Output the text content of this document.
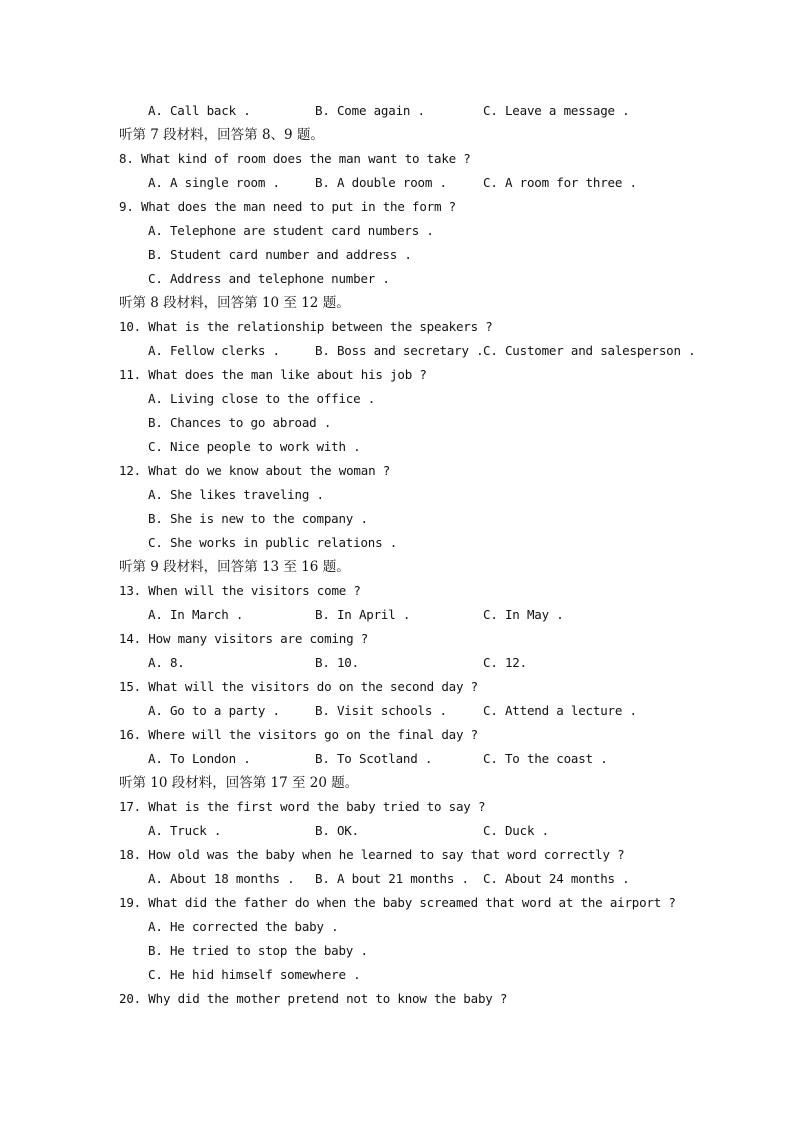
A. Call back .	B. Come again .	C. Leave a message .
听第 7 段材料，回答第 8、9 题。
8. What kind of room does the man want to take ?
A. A single room .	B. A double room .	C. A room for three .
9. What does the man need to put in the form ?
A. Telephone are student card numbers .
B. Student card number and address .
C. Address and telephone number .
听第 8 段材料，回答第 10 至 12 题。
10. What is the relationship between the speakers ?
A. Fellow clerks .	B. Boss and secretary . C. Customer and salesperson .
11. What does the man like about his job ?
A. Living close to the office .
B. Chances to go abroad .
C. Nice people to work with .
12. What do we know about the woman ?
A. She likes traveling .
B. She is new to the company .
C. She works in public relations .
听第 9 段材料，回答第 13 至 16 题。
13. When will the visitors come ?
A. In March .	B. In April .	C. In May .
14. How many visitors are coming ?
A. 8.	B. 10.	C. 12.
15. What will the visitors do on the second day ?
A. Go to a party .	B. Visit schools .	C. Attend a lecture .
16. Where will the visitors go on the final day ?
A. To London .	B. To Scotland .	C. To the coast .
听第 10 段材料，回答第 17 至 20 题。
17. What is the first word the baby tried to say ?
A. Truck .	B. OK.	C. Duck .
18. How old was the baby when he learned to say that word correctly ?
A. About 18 months . B. A bout 21 months . C. About 24 months .
19. What did the father do when the baby screamed that word at the airport ?
A. He corrected the baby .
B. He tried to stop the baby .
C. He hid himself somewhere .
20. Why did the mother pretend not to know the baby ?
